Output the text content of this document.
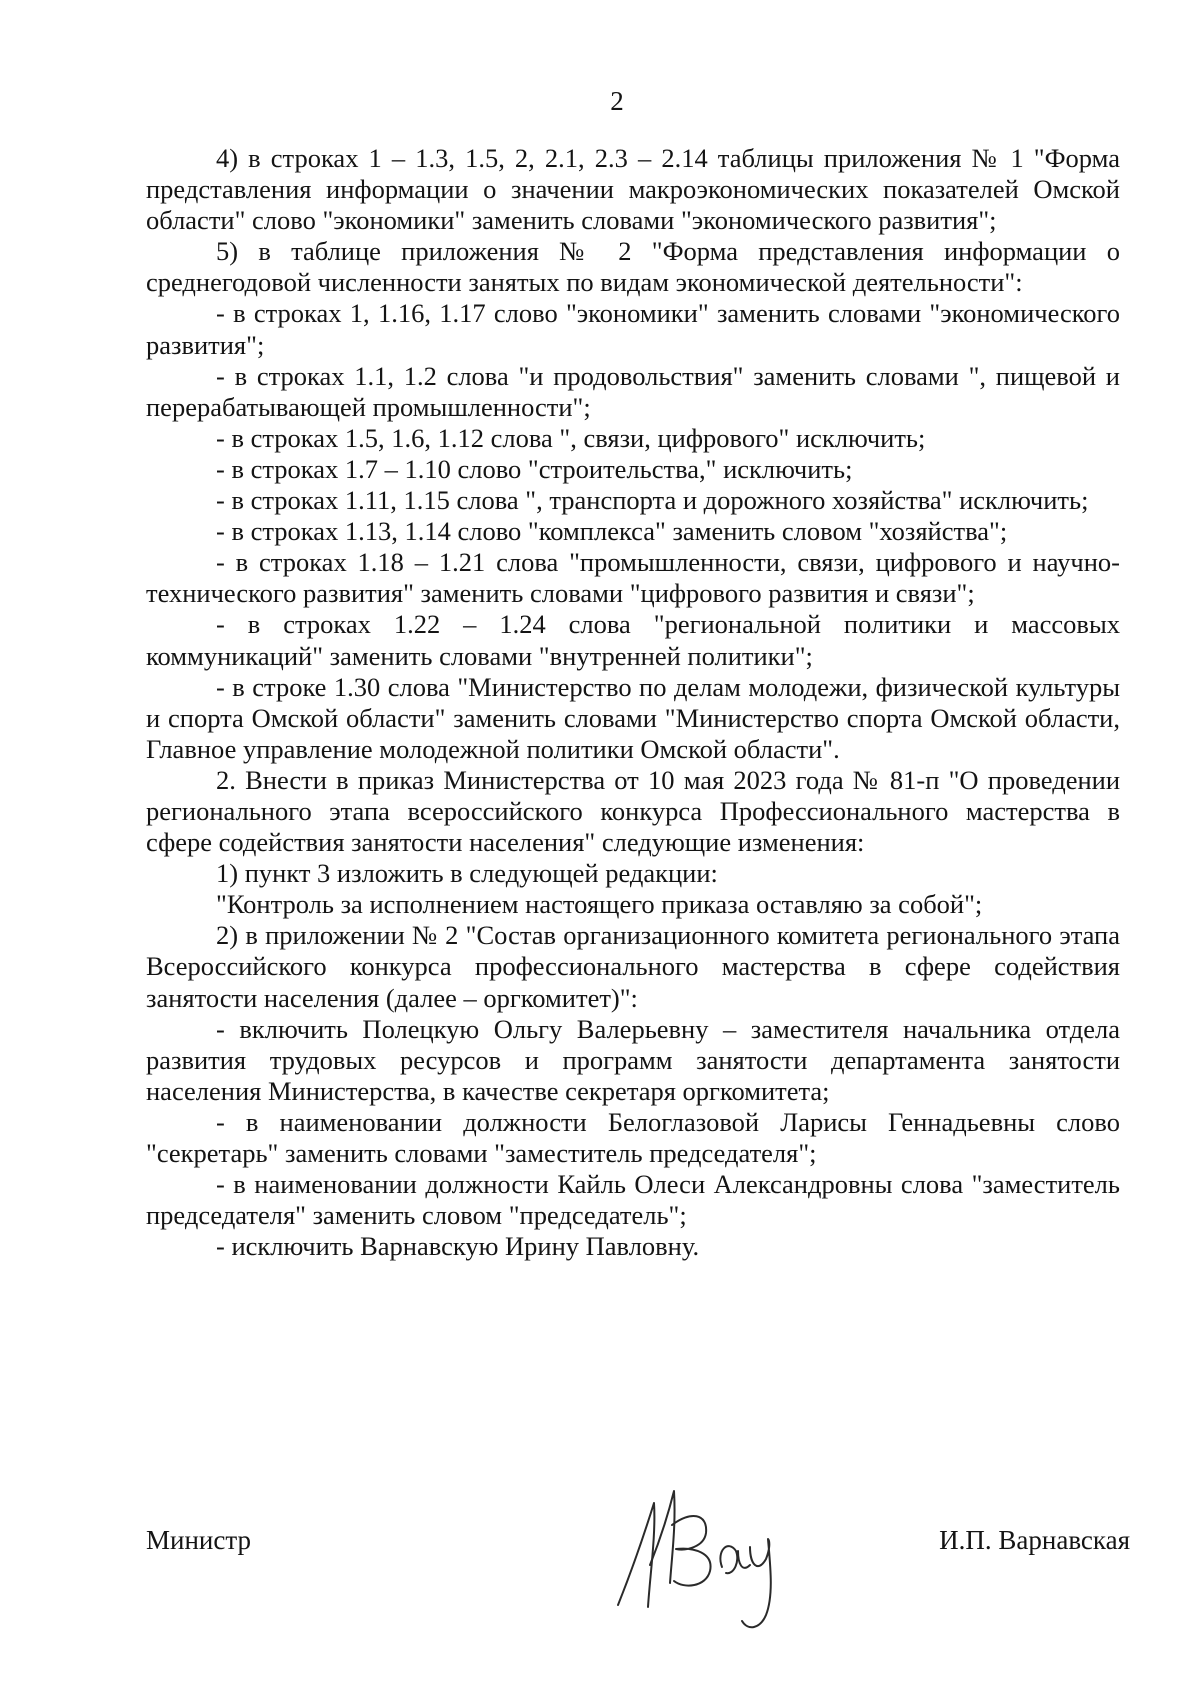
2

4) в строках 1 – 1.3, 1.5, 2, 2.1, 2.3 – 2.14 таблицы приложения № 1 "Форма представления информации о значении макроэкономических показателей Омской области" слово "экономики" заменить словами "экономического развития";

5) в таблице приложения № 2 "Форма представления информации о среднегодовой численности занятых по видам экономической деятельности":

- в строках 1, 1.16, 1.17 слово "экономики" заменить словами "экономического развития";

- в строках 1.1, 1.2 слова "и продовольствия" заменить словами ", пищевой и перерабатывающей промышленности";

- в строках 1.5, 1.6, 1.12 слова ", связи, цифрового" исключить;

- в строках 1.7 – 1.10 слово "строительства," исключить;

- в строках 1.11, 1.15 слова ", транспорта и дорожного хозяйства" исключить;

- в строках 1.13, 1.14 слово "комплекса" заменить словом "хозяйства";

- в строках 1.18 – 1.21 слова "промышленности, связи, цифрового и научно-технического развития" заменить словами "цифрового развития и связи";

- в строках 1.22 – 1.24 слова "региональной политики и массовых коммуникаций" заменить словами "внутренней политики";

- в строке 1.30 слова "Министерство по делам молодежи, физической культуры и спорта Омской области" заменить словами "Министерство спорта Омской области, Главное управление молодежной политики Омской области".

2. Внести в приказ Министерства от 10 мая 2023 года № 81-п "О проведении регионального этапа всероссийского конкурса Профессионального мастерства в сфере содействия занятости населения" следующие изменения:

1) пункт 3 изложить в следующей редакции:

"Контроль за исполнением настоящего приказа оставляю за собой";

2) в приложении № 2 "Состав организационного комитета регионального этапа Всероссийского конкурса профессионального мастерства в сфере содействия занятости населения (далее – оргкомитет)":

- включить Полецкую Ольгу Валерьевну – заместителя начальника отдела развития трудовых ресурсов и программ занятости департамента занятости населения Министерства, в качестве секретаря оргкомитета;

- в наименовании должности Белоглазовой Ларисы Геннадьевны слово "секретарь" заменить словами "заместитель председателя";

- в наименовании должности Кайль Олеси Александровны слова "заместитель председателя" заменить словом "председатель";

- исключить Варнавскую Ирину Павловну.

Министр	И.П. Варнавская
